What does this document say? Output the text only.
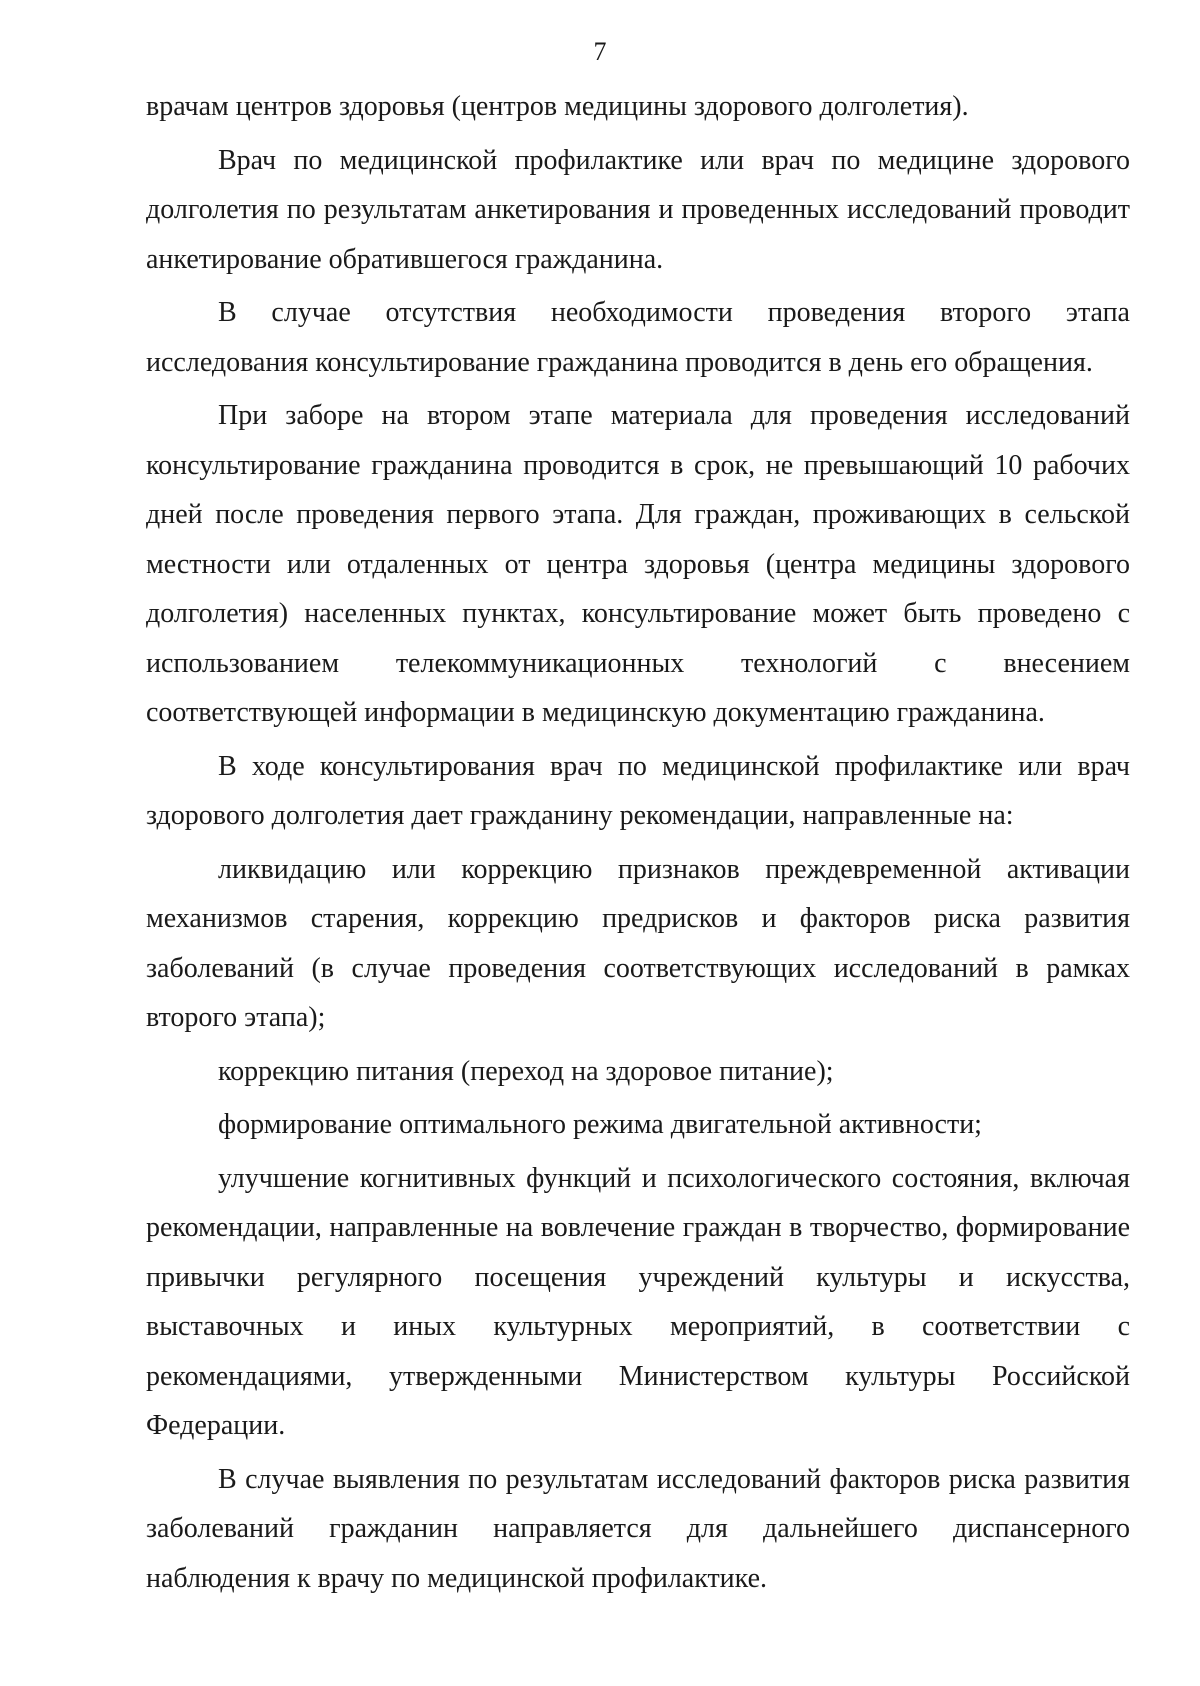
7

врачам центров здоровья (центров медицины здорового долголетия).

Врач по медицинской профилактике или врач по медицине здорового долголетия по результатам анкетирования и проведенных исследований проводит анкетирование обратившегося гражданина.

В случае отсутствия необходимости проведения второго этапа исследования консультирование гражданина проводится в день его обращения.

При заборе на втором этапе материала для проведения исследований консультирование гражданина проводится в срок, не превышающий 10 рабочих дней после проведения первого этапа. Для граждан, проживающих в сельской местности или отдаленных от центра здоровья (центра медицины здорового долголетия) населенных пунктах, консультирование может быть проведено с использованием телекоммуникационных технологий с внесением соответствующей информации в медицинскую документацию гражданина.

В ходе консультирования врач по медицинской профилактике или врач здорового долголетия дает гражданину рекомендации, направленные на:

ликвидацию или коррекцию признаков преждевременной активации механизмов старения, коррекцию предрисков и факторов риска развития заболеваний (в случае проведения соответствующих исследований в рамках второго этапа);

коррекцию питания (переход на здоровое питание);

формирование оптимального режима двигательной активности;

улучшение когнитивных функций и психологического состояния, включая рекомендации, направленные на вовлечение граждан в творчество, формирование привычки регулярного посещения учреждений культуры и искусства, выставочных и иных культурных мероприятий, в соответствии с рекомендациями, утвержденными Министерством культуры Российской Федерации.

В случае выявления по результатам исследований факторов риска развития заболеваний гражданин направляется для дальнейшего диспансерного наблюдения к врачу по медицинской профилактике.
